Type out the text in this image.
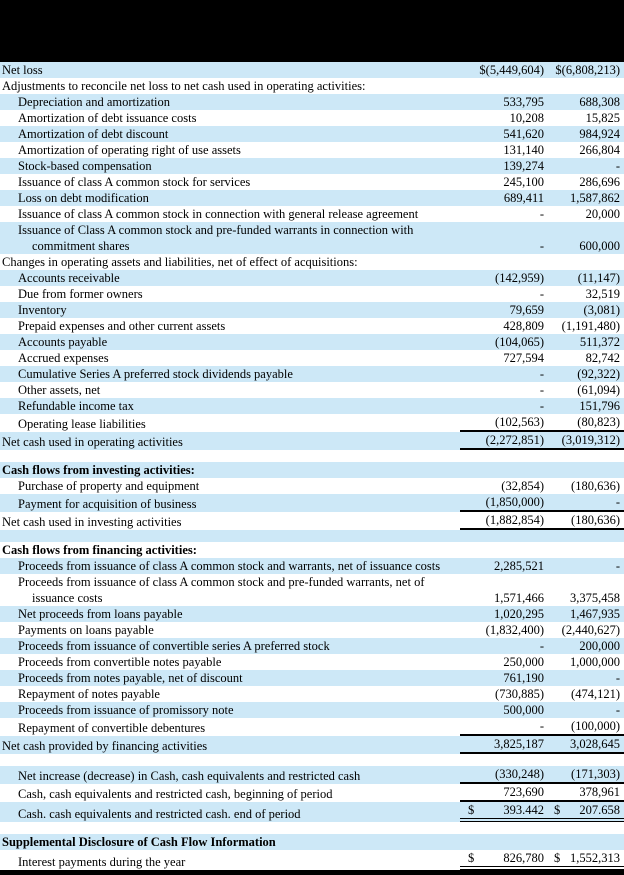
Net loss	$(5,449,604) $(6,808,213)
Adjustments to reconcile net loss to net cash used in operating activities:
Depreciation and amortization	533,795	688,308
Amortization of debt issuance costs	10,208	15,825
Amortization of debt discount	541,620	984,924
Amortization of operating right of use assets	131,140	266,804
Stock-based compensation	139,274	-
Issuance of class A common stock for services	245,100	286,696
Loss on debt modification	689,411	1,587,862
Issuance of class A common stock in connection with general release agreement	-	20,000
Issuance of Class A common stock and pre-funded warrants in connection with
commitment shares	-	600,000
Changes in operating assets and liabilities, net of effect of acquisitions:
Accounts receivable	(142,959)	(11,147)
Due from former owners	-	32,519
Inventory	79,659	(3,081)
Prepaid expenses and other current assets	428,809	(1,191,480)
Accounts payable	(104,065)	511,372
Accrued expenses	727,594	82,742
Cumulative Series A preferred stock dividends payable	-	(92,322)
Other assets, net	-	(61,094)
Refundable income tax	-	151,796
Operating lease liabilities	(102,563)	(80,823)
Net cash used in operating activities	(2,272,851)	(3,019,312)
Cash flows from investing activities:
Purchase of property and equipment	(32,854)	(180,636)
Payment for acquisition of business	(1,850,000)	-
Net cash used in investing activities	(1,882,854)	(180,636)
Cash flows from financing activities:
Proceeds from issuance of class A common stock and warrants, net of issuance costs	2,285,521	-
Proceeds from issuance of class A common stock and pre-funded warrants, net of
issuance costs	1,571,466	3,375,458
Net proceeds from loans payable	1,020,295	1,467,935
Payments on loans payable	(1,832,400)	(2,440,627)
Proceeds from issuance of convertible series A preferred stock	-	200,000
Proceeds from convertible notes payable	250,000	1,000,000
Proceeds from notes payable, net of discount	761,190	-
Repayment of notes payable	(730,885)	(474,121)
Proceeds from issuance of promissory note	500,000	-
Repayment of convertible debentures	-	(100,000)
Net cash provided by financing activities	3,825,187	3,028,645
Net increase (decrease) in Cash, cash equivalents and restricted cash	(330,248)	(171,303)
Cash, cash equivalents and restricted cash, beginning of period	723,690	378,961
Cash. cash equivalents and restricted cash. end of period	$ 393.442 $ 207.658
Supplemental Disclosure of Cash Flow Information
Interest payments during the year	$ 826,780 $ 1,552,313
